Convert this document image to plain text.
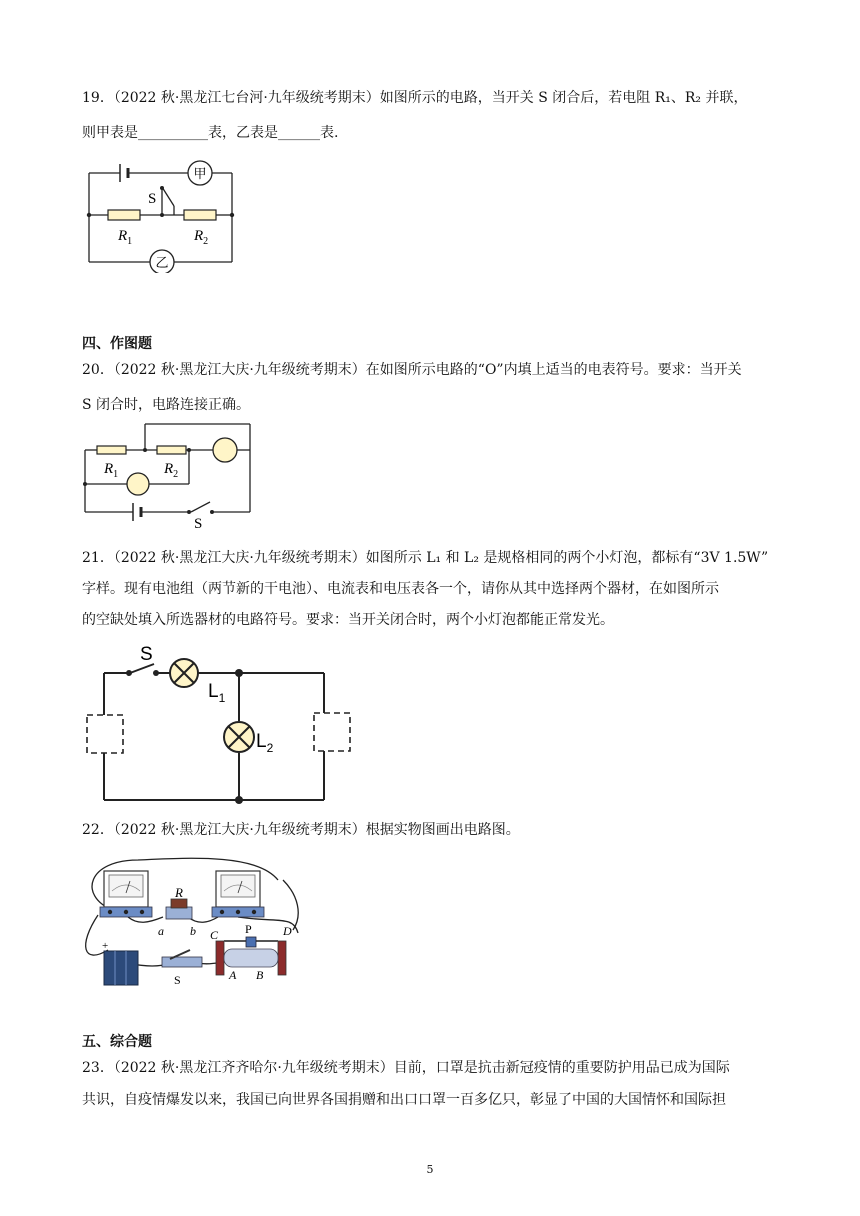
19．（2022 秋·黑龙江七台河·九年级统考期末）如图所示的电路，当开关 S 闭合后，若电阻 R₁、R₂ 并联，
则甲表是__________表，乙表是______表.
甲
乙
S
$R_1$	$R_2$
四、作图题
20．（2022 秋·黑龙江大庆·九年级统考期末）在如图所示电路的“O”内填上适当的电表符号。要求：当开关
S 闭合时，电路连接正确。
$R_1$	$R_2$
S
21．（2022 秋·黑龙江大庆·九年级统考期末）如图所示 L₁ 和 L₂ 是规格相同的两个小灯泡，都标有“3V 1.5W”
字样。现有电池组（两节新的干电池）、电流表和电压表各一个，请你从其中选择两个器材，在如图所示
的空缺处填入所选器材的电路符号。要求：当开关闭合时，两个小灯泡都能正常发光。
S
$L_1$
$L_2$
22．（2022 秋·黑龙江大庆·九年级统考期末）根据实物图画出电路图。
R
a b C P	D
A B
S
+
五、综合题
23．（2022 秋·黑龙江齐齐哈尔·九年级统考期末）目前，口罩是抗击新冠疫情的重要防护用品已成为国际
共识，自疫情爆发以来，我国已向世界各国捐赠和出口口罩一百多亿只，彰显了中国的大国情怀和国际担
5
